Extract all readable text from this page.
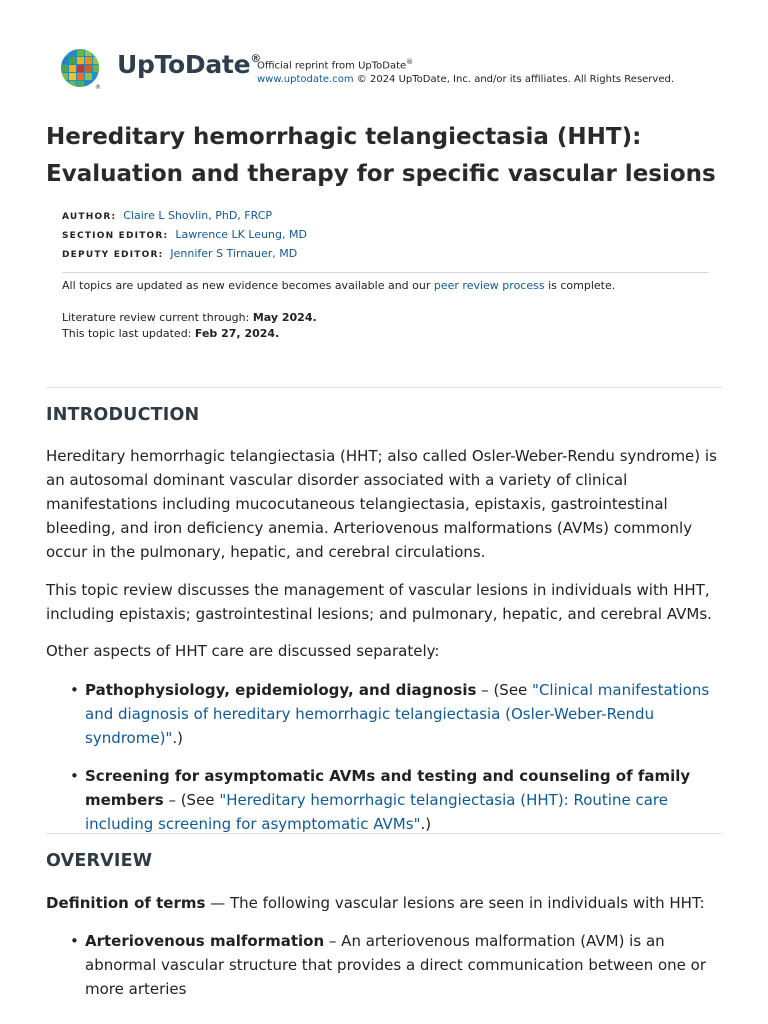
®
UpToDate®
Official reprint from UpToDate®
www.uptodate.com © 2024 UpToDate, Inc. and/or its affiliates. All Rights Reserved.
Hereditary hemorrhagic telangiectasia (HHT):
Evaluation and therapy for specific vascular lesions
AUTHOR: Claire L Shovlin, PhD, FRCP
SECTION EDITOR: Lawrence LK Leung, MD
DEPUTY EDITOR: Jennifer S Tirnauer, MD
All topics are updated as new evidence becomes available and our peer review process is complete.
Literature review current through: May 2024.
This topic last updated: Feb 27, 2024.
INTRODUCTION

Hereditary hemorrhagic telangiectasia (HHT; also called Osler-Weber-Rendu syndrome) is an autosomal dominant vascular disorder associated with a variety of clinical manifestations including mucocutaneous telangiectasia, epistaxis, gastrointestinal bleeding, and iron deficiency anemia. Arteriovenous malformations (AVMs) commonly occur in the pulmonary, hepatic, and cerebral circulations.

This topic review discusses the management of vascular lesions in individuals with HHT, including epistaxis; gastrointestinal lesions; and pulmonary, hepatic, and cerebral AVMs.

Other aspects of HHT care are discussed separately:

• Pathophysiology, epidemiology, and diagnosis – (See "Clinical manifestations and diagnosis of hereditary hemorrhagic telangiectasia (Osler-Weber-Rendu syndrome)".)
• Screening for asymptomatic AVMs and testing and counseling of family members – (See "Hereditary hemorrhagic telangiectasia (HHT): Routine care including screening for asymptomatic AVMs".)
OVERVIEW

Definition of terms — The following vascular lesions are seen in individuals with HHT:

• Arteriovenous malformation – An arteriovenous malformation (AVM) is an abnormal vascular structure that provides a direct communication between one or more arteries
